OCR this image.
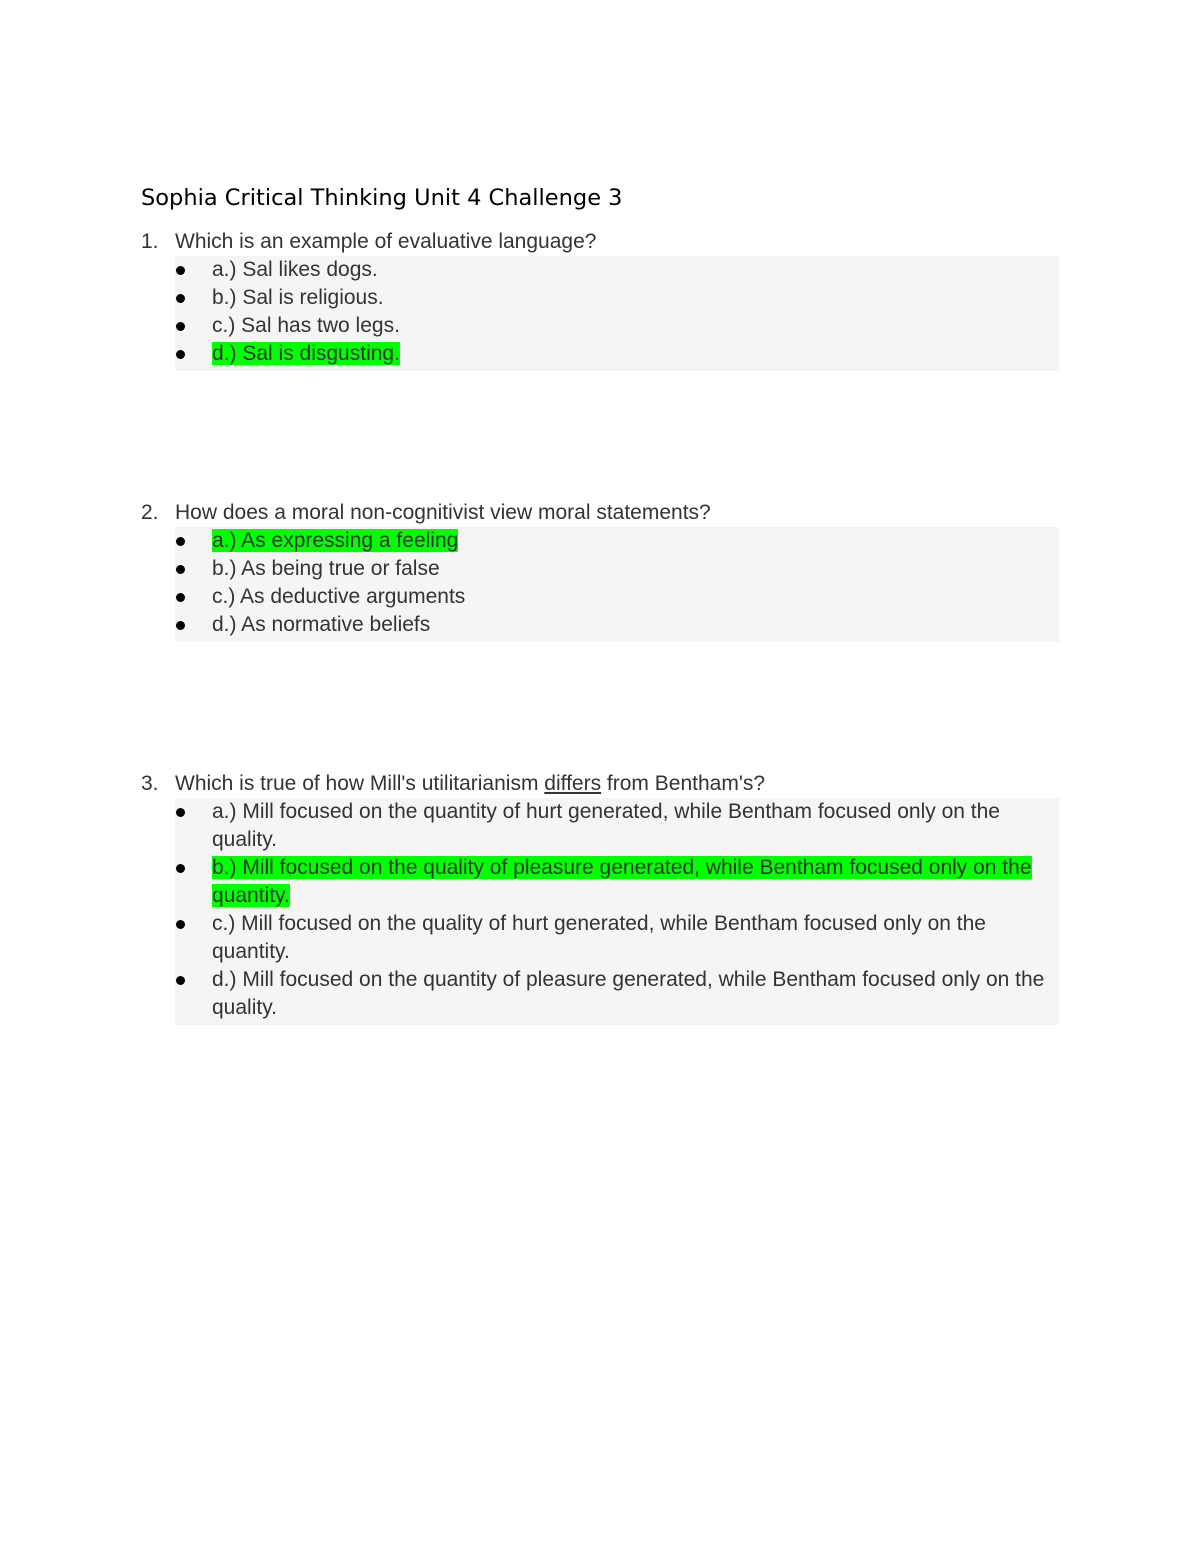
Sophia Critical Thinking Unit 4 Challenge 3
1. Which is an example of evaluative language?
a.) Sal likes dogs.
b.) Sal is religious.
c.) Sal has two legs.
d.) Sal is disgusting.
2. How does a moral non-cognitivist view moral statements?
a.) As expressing a feeling
b.) As being true or false
c.) As deductive arguments
d.) As normative beliefs
3. Which is true of how Mill's utilitarianism differs from Bentham's?
a.) Mill focused on the quantity of hurt generated, while Bentham focused only on the quality.
b.) Mill focused on the quality of pleasure generated, while Bentham focused only on the quantity.
c.) Mill focused on the quality of hurt generated, while Bentham focused only on the quantity.
d.) Mill focused on the quantity of pleasure generated, while Bentham focused only on the quality.
